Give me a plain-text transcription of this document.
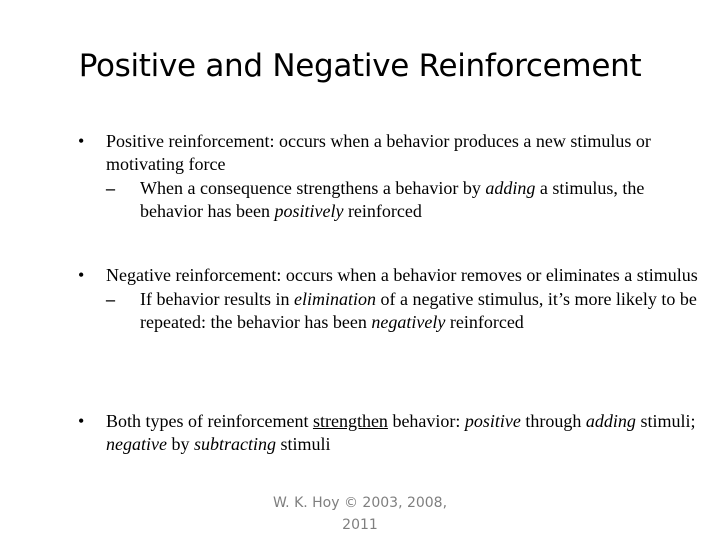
Positive and Negative Reinforcement
• Positive reinforcement: occurs when a behavior produces a new stimulus or motivating force
– When a consequence strengthens a behavior by adding a stimulus, the behavior has been positively reinforced
• Negative reinforcement: occurs when a behavior removes or eliminates a stimulus
– If behavior results in elimination of a negative stimulus, it’s more likely to be repeated: the behavior has been negatively reinforced
• Both types of reinforcement strengthen behavior: positive through adding stimuli; negative by subtracting stimuli
W. K. Hoy © 2003, 2008,
2011
